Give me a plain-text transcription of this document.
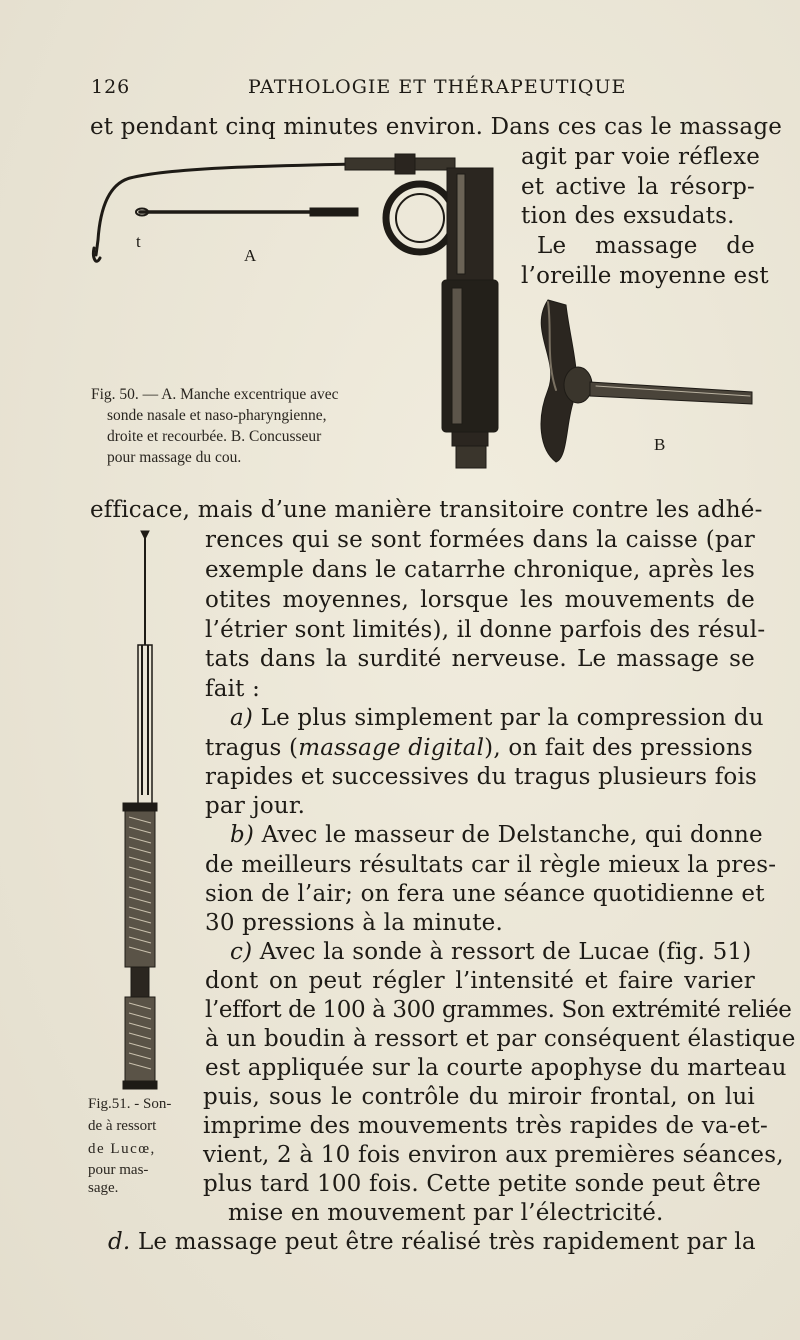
126	PATHOLOGIE ET THÉRAPEUTIQUE
et pendant cinq minutes environ. Dans ces cas le massage
agit par voie réflexe
et active la résorp-
tion des exsudats.
Le massage de
l’oreille moyenne est
t
A
B
Fig. 50. — A. Manche excentrique avec
sonde nasale et naso-pharyngienne,
droite et recourbée. B. Concusseur
pour massage du cou.
efficace, mais d’une manière transitoire contre les adhé-
rences qui se sont formées dans la caisse (par
exemple dans le catarrhe chronique, après les
otites moyennes, lorsque les mouvements de
l’étrier sont limités), il donne parfois des résul-
tats dans la surdité nerveuse. Le massage se
fait :
a) Le plus simplement par la compression du
tragus (massage digital), on fait des pressions
rapides et successives du tragus plusieurs fois
par jour.
b) Avec le masseur de Delstanche, qui donne
de meilleurs résultats car il règle mieux la pres-
sion de l’air; on fera une séance quotidienne et
30 pressions à la minute.
c) Avec la sonde à ressort de Lucae (fig. 51)
dont on peut régler l’intensité et faire varier
l’effort de 100 à 300 grammes. Son extrémité reliée
à un boudin à ressort et par conséquent élastique
est appliquée sur la courte apophyse du marteau
puis, sous le contrôle du miroir frontal, on lui
imprime des mouvements très rapides de va-et-
vient, 2 à 10 fois environ aux premières séances,
plus tard 100 fois. Cette petite sonde peut être
mise en mouvement par l’électricité.
d. Le massage peut être réalisé très rapidement par la
Fig.51. - Son-
de à ressort
de Lucœ,
pour mas-
sage.
